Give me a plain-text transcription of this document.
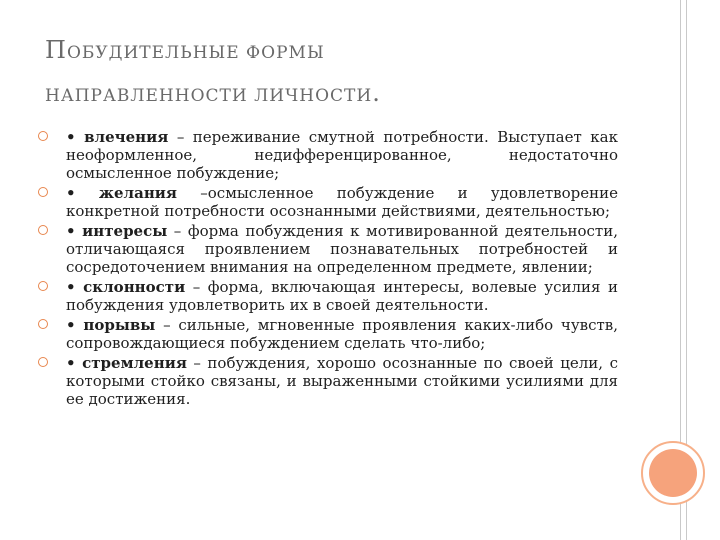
ПОБУДИТЕЛЬНЫЕ ФОРМЫ
НАПРАВЛЕННОСТИ ЛИЧНОСТИ.
• влечения – переживание смутной потребности. Выступает как неоформленное, недифференцированное, недостаточно осмысленное побуждение;
• желания –осмысленное побуждение и удовлетворение конкретной потребности осознанными действиями, деятельностью;
• интересы – форма побуждения к мотивированной деятельности, отличающаяся проявлением познавательных потребностей и сосредоточением внимания на определенном предмете, явлении;
• склонности – форма, включающая интересы, волевые усилия и побуждения удовлетворить их в своей деятельности.
• порывы – сильные, мгновенные проявления каких-либо чувств, сопровождающиеся побуждением сделать что-либо;
• стремления – побуждения, хорошо осознанные по своей цели, с которыми стойко связаны, и выраженными стойкими усилиями для ее достижения.
